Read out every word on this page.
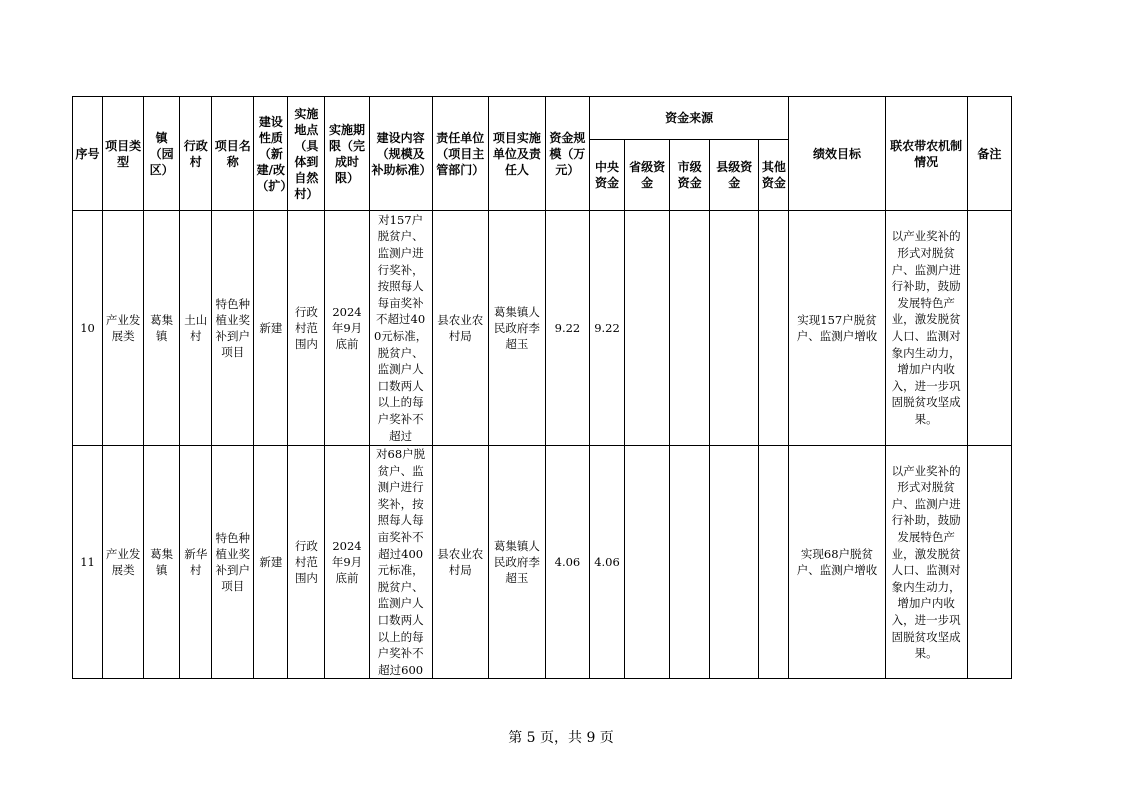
序号	项目类型	镇（园区）	行政村	项目名称	建设性质（新建/改（扩）	实施地点（具体到自然村）	实施期限（完成时限）	建设内容（规模及补助标准）	责任单位（项目主管部门）	项目实施单位及责任人	资金规模（万元）	资金来源					绩效目标	联农带农机制情况	备注
												中央资金	省级资金	市级资金	县级资金	其他资金			
10	产业发展类	葛集镇	土山村	特色种植业奖补到户项目	新建	行政村范围内	2024年9月底前	对157户脱贫户、监测户进行奖补，按照每人每亩奖补不超过400元标准，脱贫户、监测户人口数两人以上的每户奖补不超过	县农业农村局	葛集镇人民政府李超玉	9.22	9.22					实现157户脱贫户、监测户增收	以产业奖补的形式对脱贫户、监测户进行补助，鼓励发展特色产业，激发脱贫人口、监测对象内生动力，增加户内收入，进一步巩固脱贫攻坚成果。	
11	产业发展类	葛集镇	新华村	特色种植业奖补到户项目	新建	行政村范围内	2024年9月底前	对68户脱贫户、监测户进行奖补，按照每人每亩奖补不超过400元标准，脱贫户、监测户人口数两人以上的每户奖补不超过600	县农业农村局	葛集镇人民政府李超玉	4.06	4.06					实现68户脱贫户、监测户增收	以产业奖补的形式对脱贫户、监测户进行补助，鼓励发展特色产业，激发脱贫人口、监测对象内生动力，增加户内收入，进一步巩固脱贫攻坚成果。	
第 5 页，共 9 页
